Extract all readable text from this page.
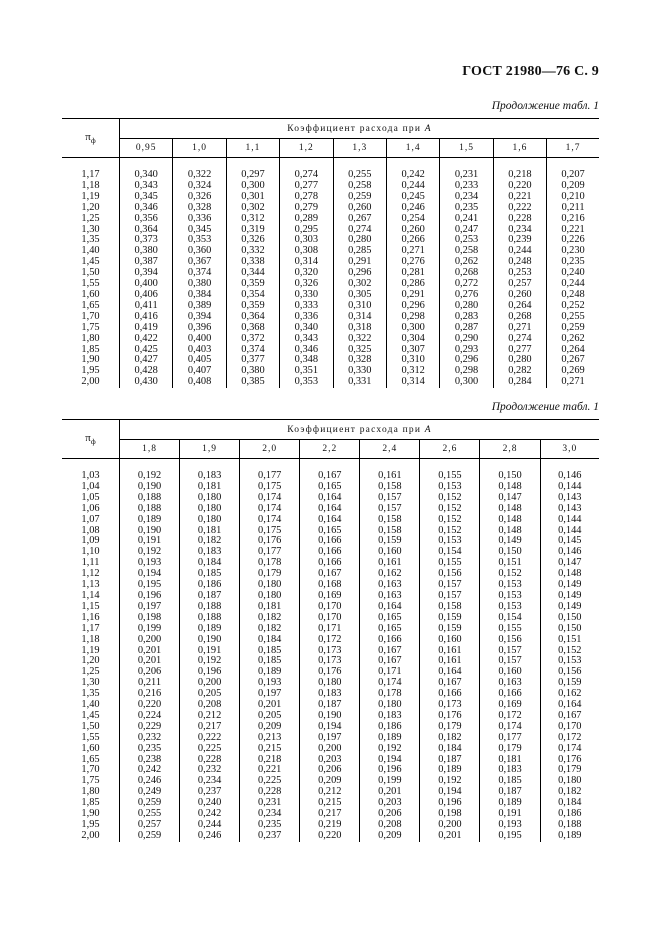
ГОСТ 21980—76 С. 9
Продолжение табл. 1
$\pi_ф$	Коэффициент расхода при A								
	0,95	1,0	1,1	1,2	1,3	1,4	1,5	1,6	1,7

1,17	0,340	0,322	0,297	0,274	0,255	0,242	0,231	0,218	0,207
1,18	0,343	0,324	0,300	0,277	0,258	0,244	0,233	0,220	0,209
1,19	0,345	0,326	0,301	0,278	0,259	0,245	0,234	0,221	0,210
1,20	0,346	0,328	0,302	0,279	0,260	0,246	0,235	0,222	0,211
1,25	0,356	0,336	0,312	0,289	0,267	0,254	0,241	0,228	0,216
1,30	0,364	0,345	0,319	0,295	0,274	0,260	0,247	0,234	0,221
1,35	0,373	0,353	0,326	0,303	0,280	0,266	0,253	0,239	0,226
1,40	0,380	0,360	0,332	0,308	0,285	0,271	0,258	0,244	0,230
1,45	0,387	0,367	0,338	0,314	0,291	0,276	0,262	0,248	0,235
1,50	0,394	0,374	0,344	0,320	0,296	0,281	0,268	0,253	0,240
1,55	0,400	0,380	0,359	0,326	0,302	0,286	0,272	0,257	0,244
1,60	0,406	0,384	0,354	0,330	0,305	0,291	0,276	0,260	0,248
1,65	0,411	0,389	0,359	0,333	0,310	0,296	0,280	0,264	0,252
1,70	0,416	0,394	0,364	0,336	0,314	0,298	0,283	0,268	0,255
1,75	0,419	0,396	0,368	0,340	0,318	0,300	0,287	0,271	0,259
1,80	0,422	0,400	0,372	0,343	0,322	0,304	0,290	0,274	0,262
1,85	0,425	0,403	0,374	0,346	0,325	0,307	0,293	0,277	0,264
1,90	0,427	0,405	0,377	0,348	0,328	0,310	0,296	0,280	0,267
1,95	0,428	0,407	0,380	0,351	0,330	0,312	0,298	0,282	0,269
2,00	0,430	0,408	0,385	0,353	0,331	0,314	0,300	0,284	0,271
Продолжение табл. 1
$\pi_ф$	Коэффициент расхода при A							
	1,8	1,9	2,0	2,2	2,4	2,6	2,8	3,0

1,03	0,192	0,183	0,177	0,167	0,161	0,155	0,150	0,146
1,04	0,190	0,181	0,175	0,165	0,158	0,153	0,148	0,144
1,05	0,188	0,180	0,174	0,164	0,157	0,152	0,147	0,143
1,06	0,188	0,180	0,174	0,164	0,157	0,152	0,148	0,143
1,07	0,189	0,180	0,174	0,164	0,158	0,152	0,148	0,144
1,08	0,190	0,181	0,175	0,165	0,158	0,152	0,148	0,144
1,09	0,191	0,182	0,176	0,166	0,159	0,153	0,149	0,145
1,10	0,192	0,183	0,177	0,166	0,160	0,154	0,150	0,146
1,11	0,193	0,184	0,178	0,166	0,161	0,155	0,151	0,147
1,12	0,194	0,185	0,179	0,167	0,162	0,156	0,152	0,148
1,13	0,195	0,186	0,180	0,168	0,163	0,157	0,153	0,149
1,14	0,196	0,187	0,180	0,169	0,163	0,157	0,153	0,149
1,15	0,197	0,188	0,181	0,170	0,164	0,158	0,153	0,149
1,16	0,198	0,188	0,182	0,170	0,165	0,159	0,154	0,150
1,17	0,199	0,189	0,182	0,171	0,165	0,159	0,155	0,150
1,18	0,200	0,190	0,184	0,172	0,166	0,160	0,156	0,151
1,19	0,201	0,191	0,185	0,173	0,167	0,161	0,157	0,152
1,20	0,201	0,192	0,185	0,173	0,167	0,161	0,157	0,153
1,25	0,206	0,196	0,189	0,176	0,171	0,164	0,160	0,156
1,30	0,211	0,200	0,193	0,180	0,174	0,167	0,163	0,159
1,35	0,216	0,205	0,197	0,183	0,178	0,166	0,166	0,162
1,40	0,220	0,208	0,201	0,187	0,180	0,173	0,169	0,164
1,45	0,224	0,212	0,205	0,190	0,183	0,176	0,172	0,167
1,50	0,229	0,217	0,209	0,194	0,186	0,179	0,174	0,170
1,55	0,232	0,222	0,213	0,197	0,189	0,182	0,177	0,172
1,60	0,235	0,225	0,215	0,200	0,192	0,184	0,179	0,174
1,65	0,238	0,228	0,218	0,203	0,194	0,187	0,181	0,176
1,70	0,242	0,232	0,221	0,206	0,196	0,189	0,183	0,179
1,75	0,246	0,234	0,225	0,209	0,199	0,192	0,185	0,180
1,80	0,249	0,237	0,228	0,212	0,201	0,194	0,187	0,182
1,85	0,259	0,240	0,231	0,215	0,203	0,196	0,189	0,184
1,90	0,255	0,242	0,234	0,217	0,206	0,198	0,191	0,186
1,95	0,257	0,244	0,235	0,219	0,208	0,200	0,193	0,188
2,00	0,259	0,246	0,237	0,220	0,209	0,201	0,195	0,189
